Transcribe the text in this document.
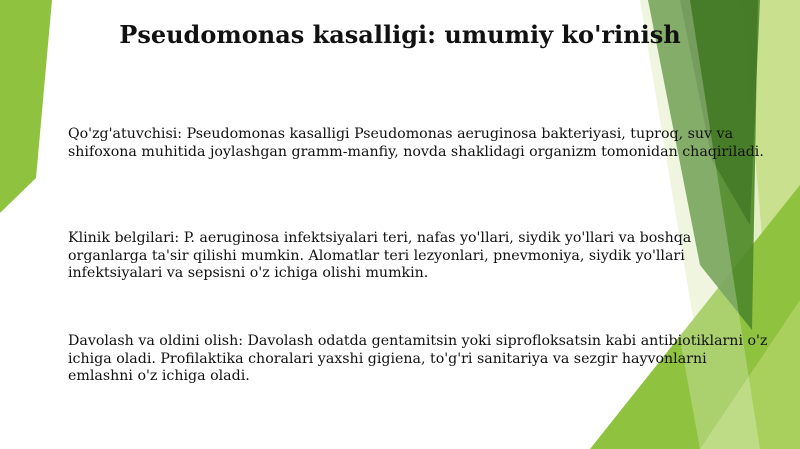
Pseudomonas kasalligi: umumiy ko'rinish

Qo'zg'atuvchisi: Pseudomonas kasalligi Pseudomonas aeruginosa bakteriyasi, tuproq, suv va shifoxona muhitida joylashgan gramm-manfiy, novda shaklidagi organizm tomonidan chaqiriladi.

Klinik belgilari: P. aeruginosa infektsiyalari teri, nafas yo'llari, siydik yo'llari va boshqa organlarga ta'sir qilishi mumkin. Alomatlar teri lezyonlari, pnevmoniya, siydik yo'llari infektsiyalari va sepsisni o'z ichiga olishi mumkin.

Davolash va oldini olish: Davolash odatda gentamitsin yoki siprofloksatsin kabi antibiotiklarni o'z ichiga oladi. Profilaktika choralari yaxshi gigiena, to'g'ri sanitariya va sezgir hayvonlarni emlashni o'z ichiga oladi.
